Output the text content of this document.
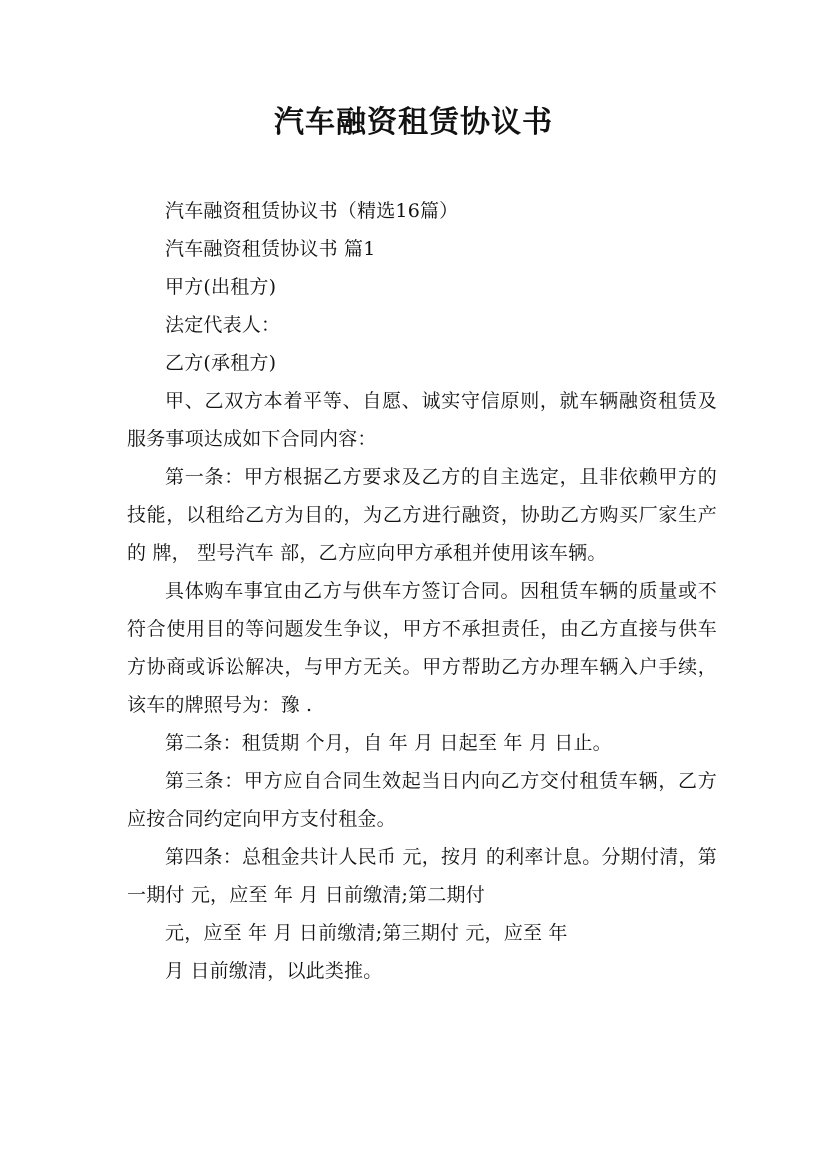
汽车融资租赁协议书

汽车融资租赁协议书（精选16篇）

汽车融资租赁协议书 篇1

甲方(出租方)

法定代表人：

乙方(承租方)

甲、乙双方本着平等、自愿、诚实守信原则，就车辆融资租赁及服务事项达成如下合同内容：

第一条：甲方根据乙方要求及乙方的自主选定，且非依赖甲方的技能，以租给乙方为目的，为乙方进行融资，协助乙方购买厂家生产的 牌， 型号汽车 部，乙方应向甲方承租并使用该车辆。

具体购车事宜由乙方与供车方签订合同。因租赁车辆的质量或不符合使用目的等问题发生争议，甲方不承担责任，由乙方直接与供车方协商或诉讼解决，与甲方无关。甲方帮助乙方办理车辆入户手续，该车的牌照号为：豫 .

第二条：租赁期 个月，自 年 月 日起至 年 月 日止。

第三条：甲方应自合同生效起当日内向乙方交付租赁车辆，乙方应按合同约定向甲方支付租金。

第四条：总租金共计人民币 元，按月 的利率计息。分期付清，第一期付 元，应至 年 月 日前缴清;第二期付

元，应至 年 月 日前缴清;第三期付 元，应至 年

月 日前缴清，以此类推。
